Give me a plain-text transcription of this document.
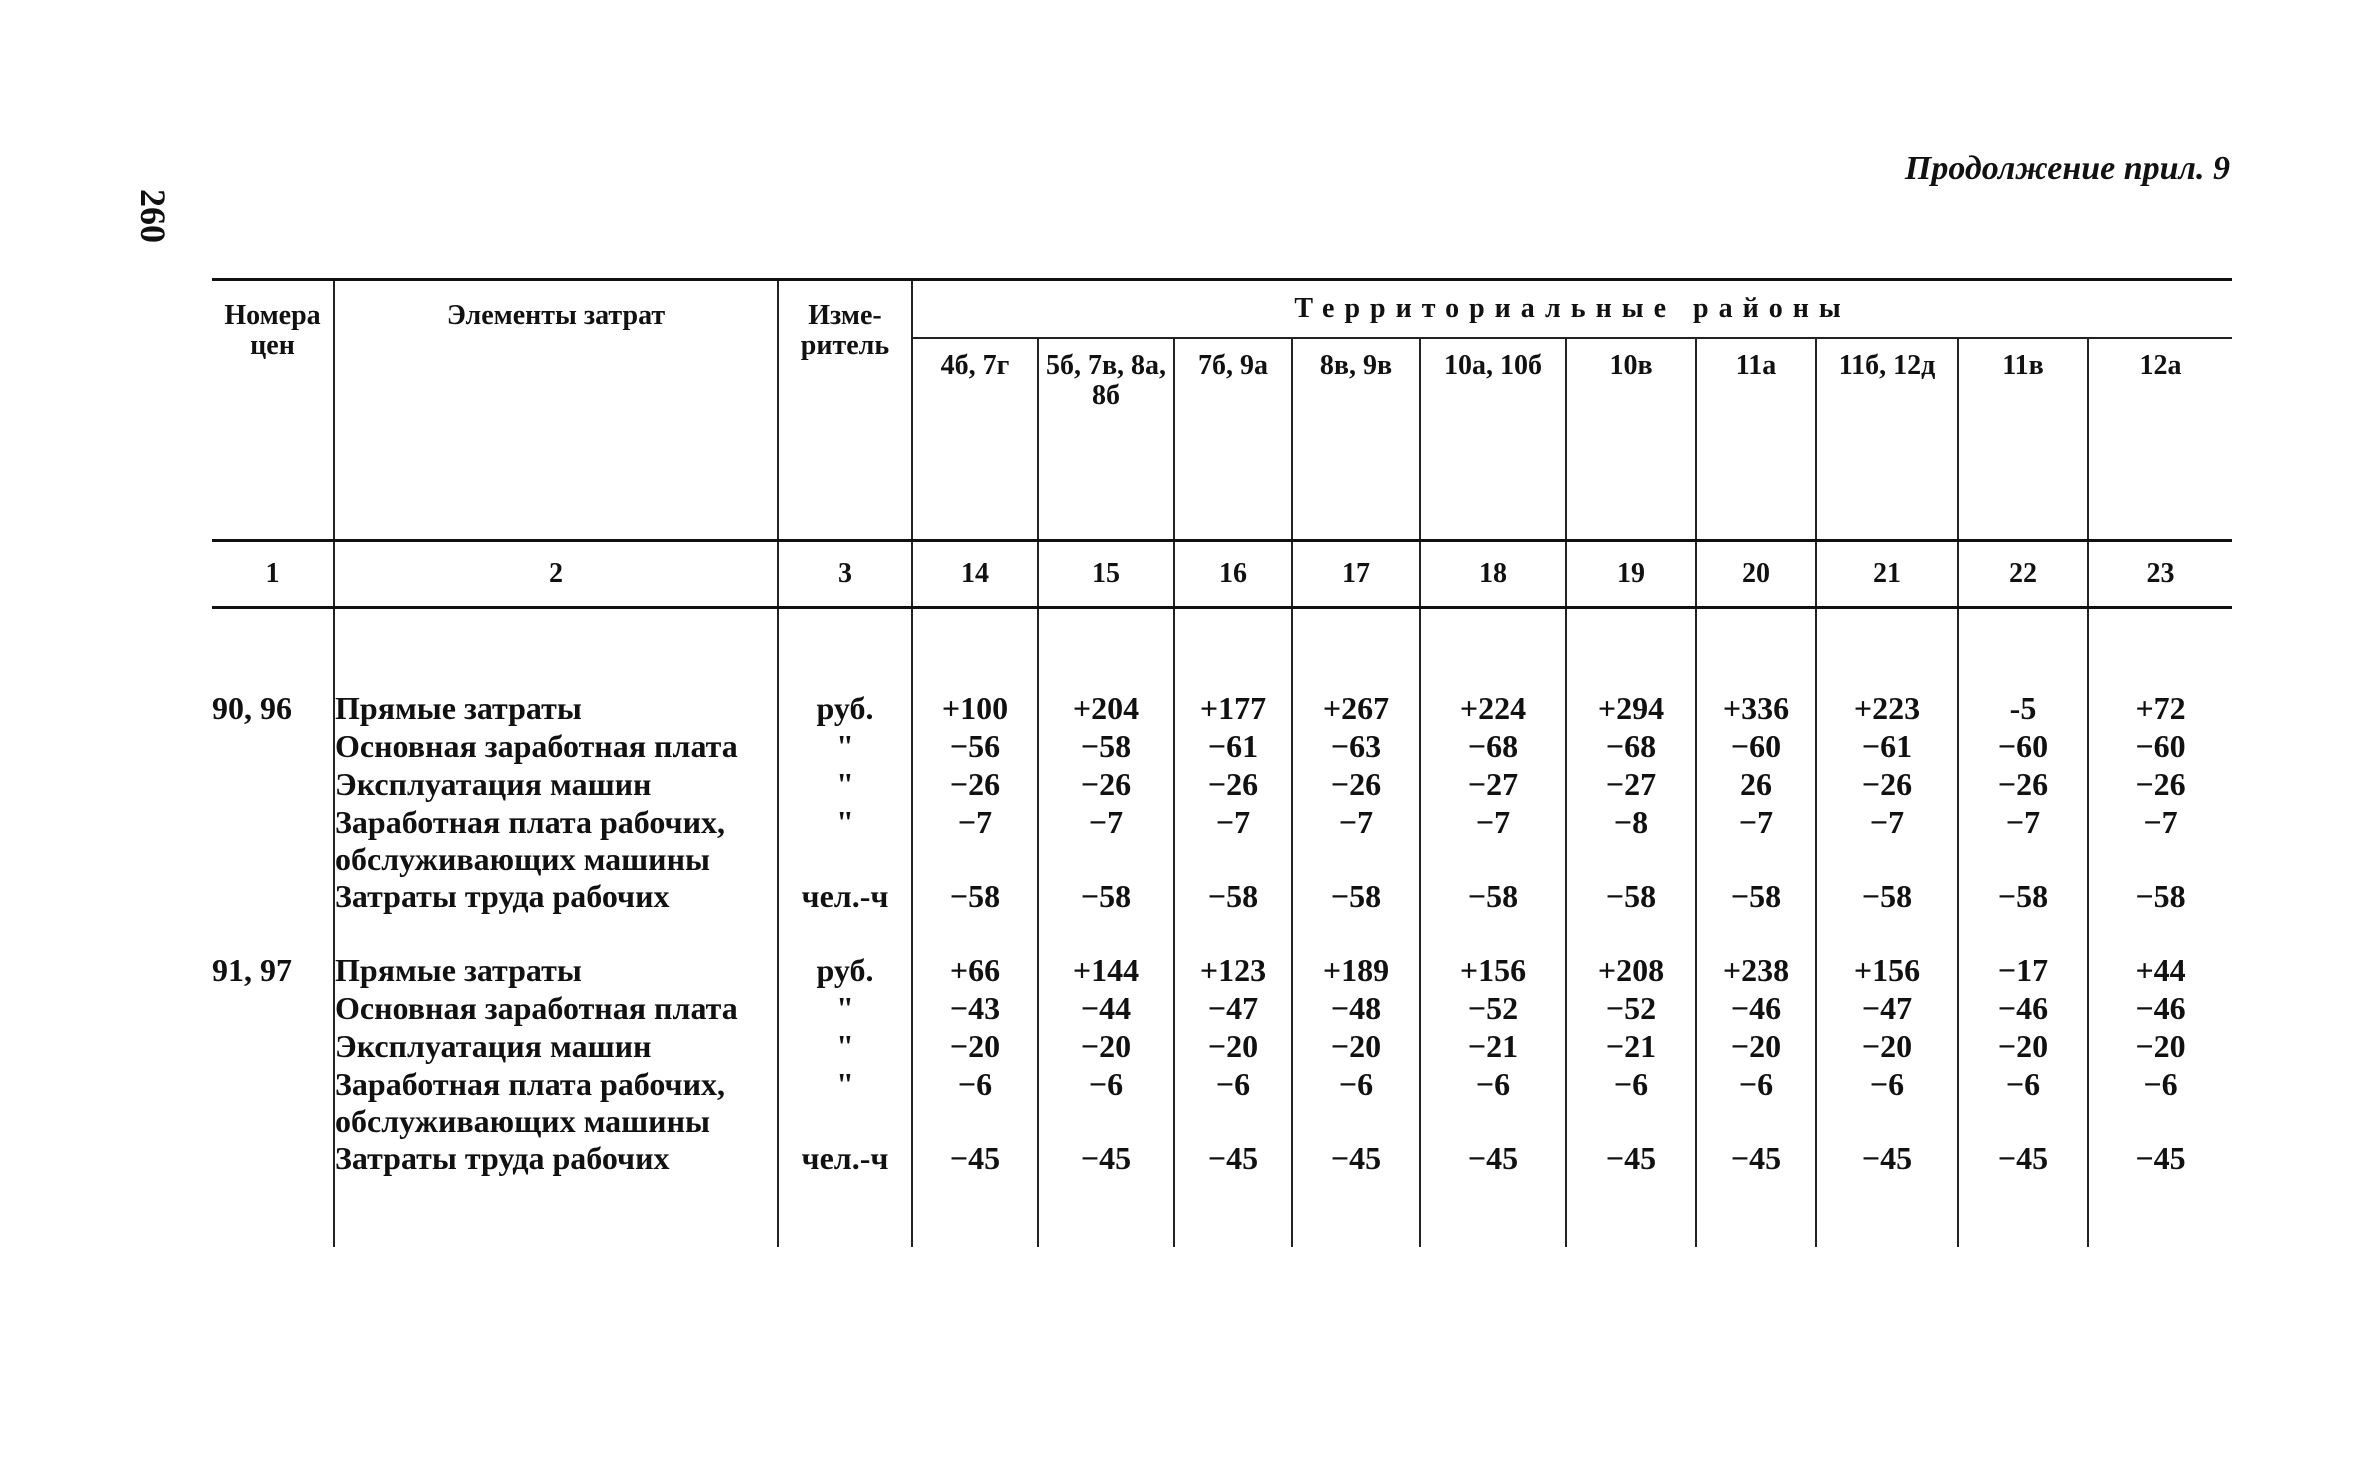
260
Продолжение прил. 9
Номера цен	Элементы затрат	Изме-ритель	Территориальные районы									
			4б, 7г	5б, 7в, 8а, 8б	7б, 9а	8в, 9в	10а, 10б	10в	11а	11б, 12д	11в	12а
1	2	3	14	15	16	17	18	19	20	21	22	23

90, 96	Прямые затраты	руб.	+100	+204	+177	+267	+224	+294	+336	+223	-5	+72
	Основная заработная плата	"	−56	−58	−61	−63	−68	−68	−60	−61	−60	−60
	Эксплуатация машин	"	−26	−26	−26	−26	−27	−27	26	−26	−26	−26
	Заработная плата рабочих,	"	−7	−7	−7	−7	−7	−8	−7	−7	−7	−7
	обслуживающих машины											
	Затраты труда рабочих	чел.-ч	−58	−58	−58	−58	−58	−58	−58	−58	−58	−58

91, 97	Прямые затраты	руб.	+66	+144	+123	+189	+156	+208	+238	+156	−17	+44
	Основная заработная плата	"	−43	−44	−47	−48	−52	−52	−46	−47	−46	−46
	Эксплуатация машин	"	−20	−20	−20	−20	−21	−21	−20	−20	−20	−20
	Заработная плата рабочих,	"	−6	−6	−6	−6	−6	−6	−6	−6	−6	−6
	обслуживающих машины											
	Затраты труда рабочих	чел.-ч	−45	−45	−45	−45	−45	−45	−45	−45	−45	−45
